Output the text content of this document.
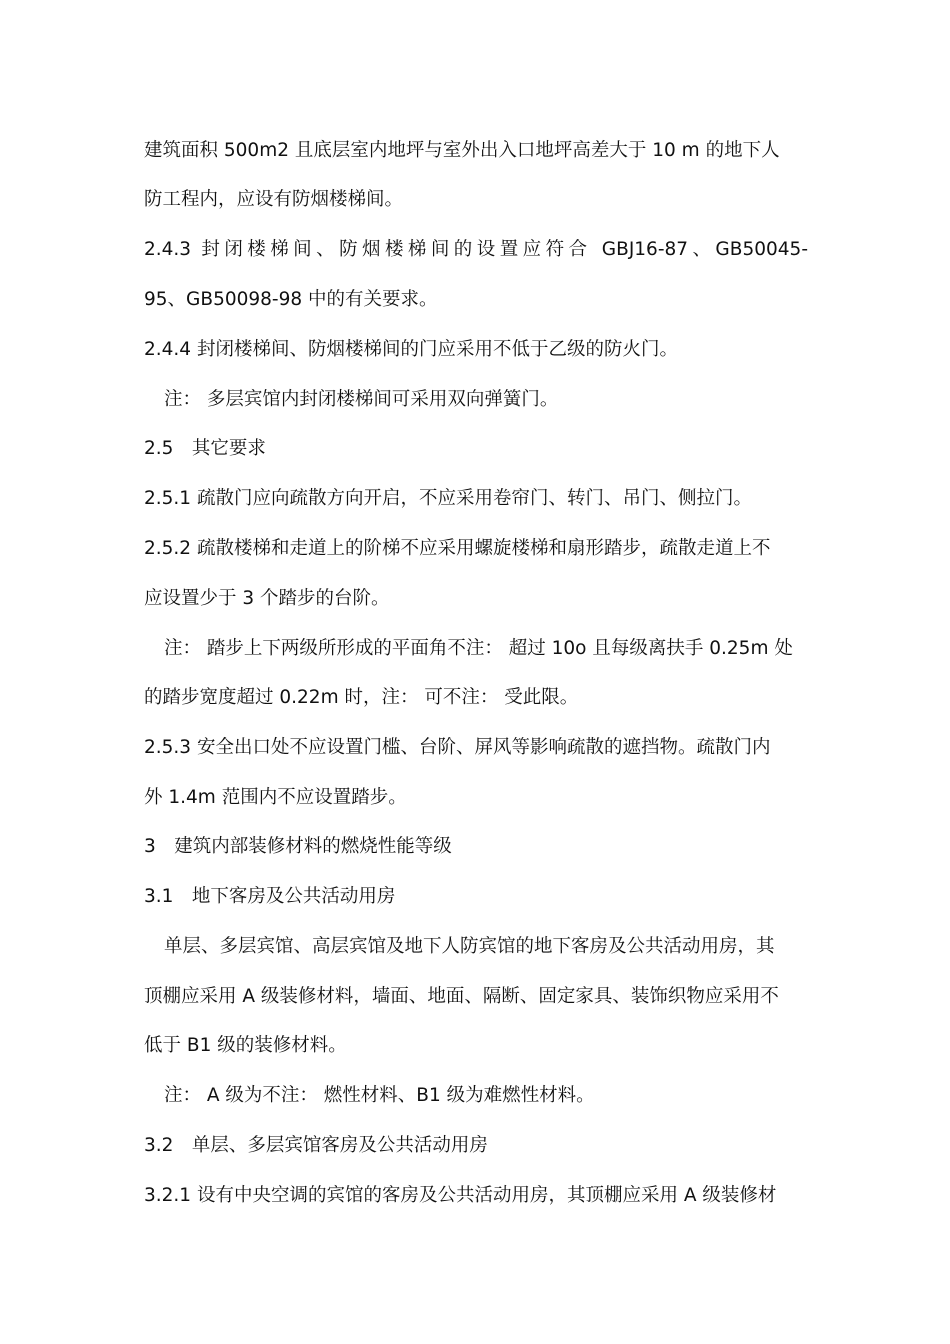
建筑面积 500m2 且底层室内地坪与室外出入口地坪高差大于 10 m 的地下人
防工程内，应设有防烟楼梯间。
2.4.3 封闭楼梯间、防烟楼梯间的设置应符合 GBJ16-87、GB50045-
95、GB50098-98 中的有关要求。
2.4.4 封闭楼梯间、防烟楼梯间的门应采用不低于乙级的防火门。
注： 多层宾馆内封闭楼梯间可采用双向弹簧门。
2.5　其它要求
2.5.1 疏散门应向疏散方向开启，不应采用卷帘门、转门、吊门、侧拉门。
2.5.2 疏散楼梯和走道上的阶梯不应采用螺旋楼梯和扇形踏步，疏散走道上不
应设置少于 3 个踏步的台阶。
注： 踏步上下两级所形成的平面角不注： 超过 10o 且每级离扶手 0.25m 处
的踏步宽度超过 0.22m 时，注： 可不注： 受此限。
2.5.3 安全出口处不应设置门槛、台阶、屏风等影响疏散的遮挡物。疏散门内
外 1.4m 范围内不应设置踏步。
3　建筑内部装修材料的燃烧性能等级
3.1　地下客房及公共活动用房
单层、多层宾馆、高层宾馆及地下人防宾馆的地下客房及公共活动用房，其
顶棚应采用 A 级装修材料，墙面、地面、隔断、固定家具、装饰织物应采用不
低于 B1 级的装修材料。
注： A 级为不注： 燃性材料、B1 级为难燃性材料。
3.2　单层、多层宾馆客房及公共活动用房
3.2.1 设有中央空调的宾馆的客房及公共活动用房，其顶棚应采用 A 级装修材
